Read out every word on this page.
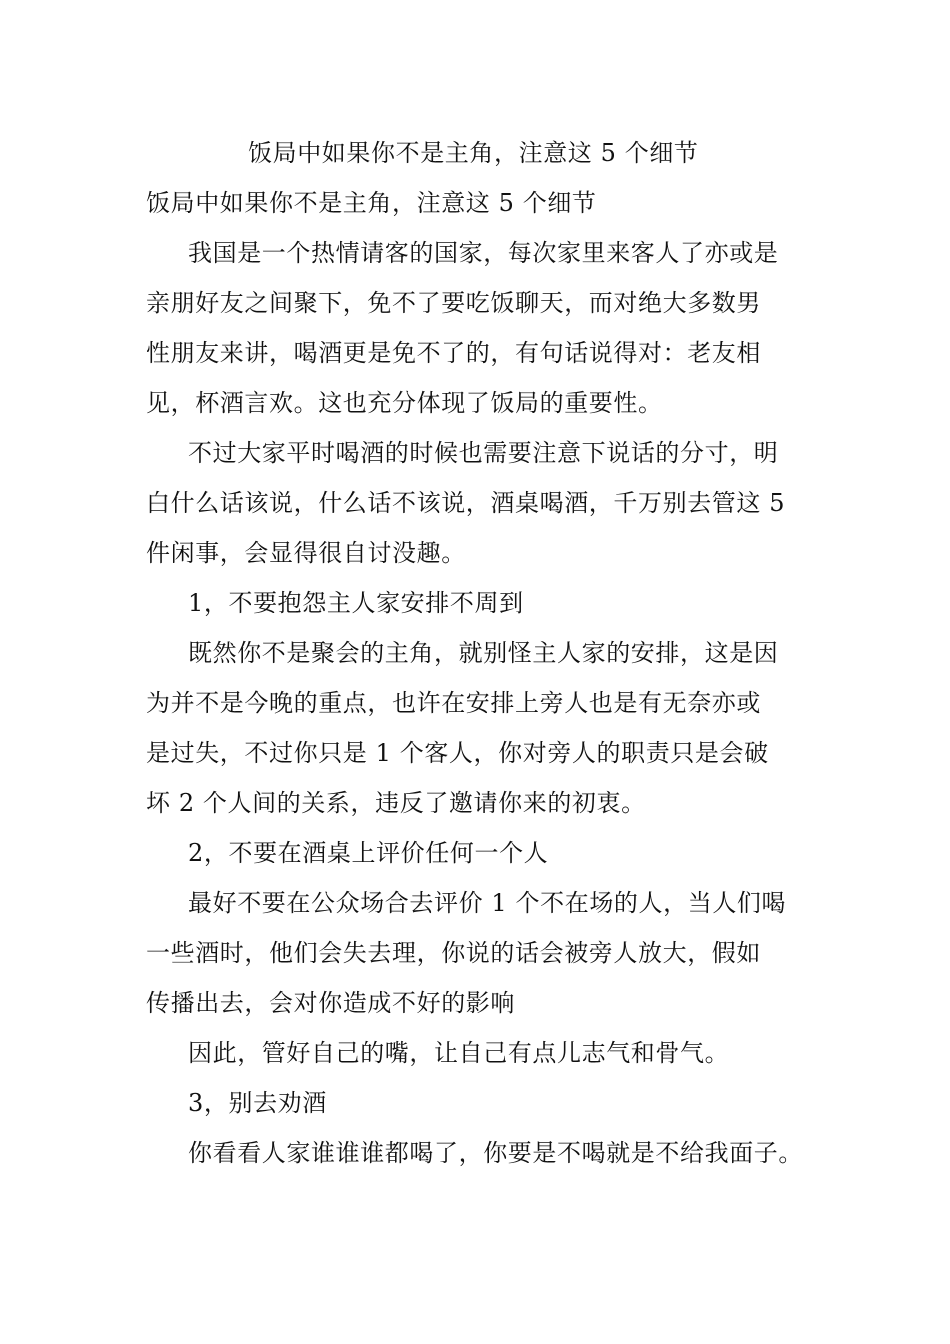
饭局中如果你不是主角，注意这 5 个细节
饭局中如果你不是主角，注意这 5 个细节
我国是一个热情请客的国家，每次家里来客人了亦或是
亲朋好友之间聚下，免不了要吃饭聊天，而对绝大多数男
性朋友来讲，喝酒更是免不了的，有句话说得对：老友相
见，杯酒言欢。这也充分体现了饭局的重要性。
不过大家平时喝酒的时候也需要注意下说话的分寸，明
白什么话该说，什么话不该说，酒桌喝酒，千万别去管这 5
件闲事，会显得很自讨没趣。
1，不要抱怨主人家安排不周到
既然你不是聚会的主角，就别怪主人家的安排，这是因
为并不是今晚的重点，也许在安排上旁人也是有无奈亦或
是过失，不过你只是 1 个客人，你对旁人的职责只是会破
坏 2 个人间的关系，违反了邀请你来的初衷。
2，不要在酒桌上评价任何一个人
最好不要在公众场合去评价 1 个不在场的人，当人们喝
一些酒时，他们会失去理，你说的话会被旁人放大，假如
传播出去，会对你造成不好的影响
因此，管好自己的嘴，让自己有点儿志气和骨气。
3，别去劝酒
你看看人家谁谁谁都喝了，你要是不喝就是不给我面子。
